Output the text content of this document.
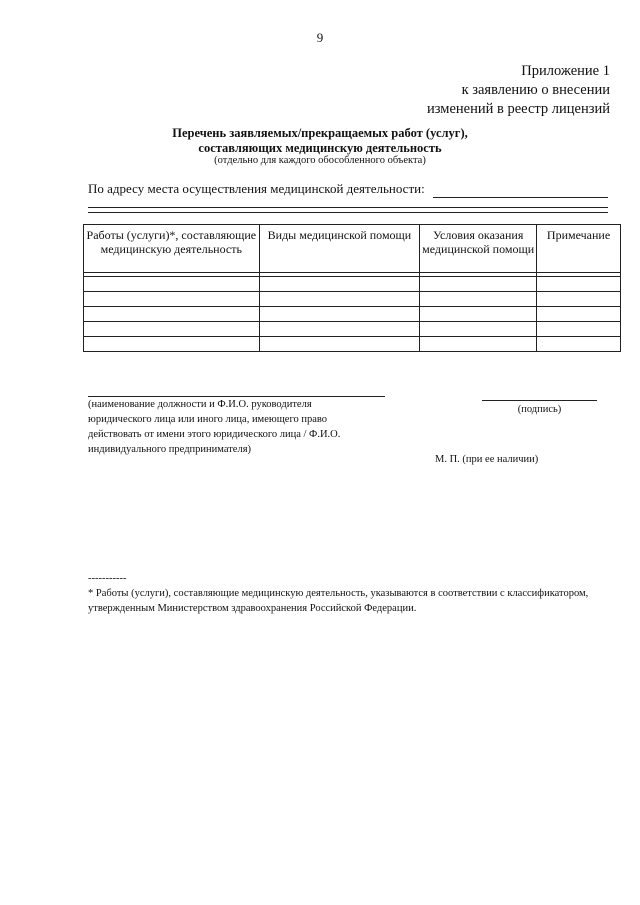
9
Приложение 1
к заявлению о внесении
изменений в реестр лицензий
Перечень заявляемых/прекращаемых работ (услуг),
составляющих медицинскую деятельность
(отдельно для каждого обособленного объекта)
По адресу места осуществления медицинской деятельности:
Работы (услуги)*, составляющие медицинскую деятельность	Виды медицинской помощи	Условия оказания медицинской помощи	Примечание

(наименование должности и Ф.И.О. руководителя юридического лица или иного лица, имеющего право действовать от имени этого юридического лица / Ф.И.О. индивидуального предпринимателя)
(подпись)
М. П. (при ее наличии)
-----------
* Работы (услуги), составляющие медицинскую деятельность, указываются в соответствии с классификатором, утвержденным Министерством здравоохранения Российской Федерации.
